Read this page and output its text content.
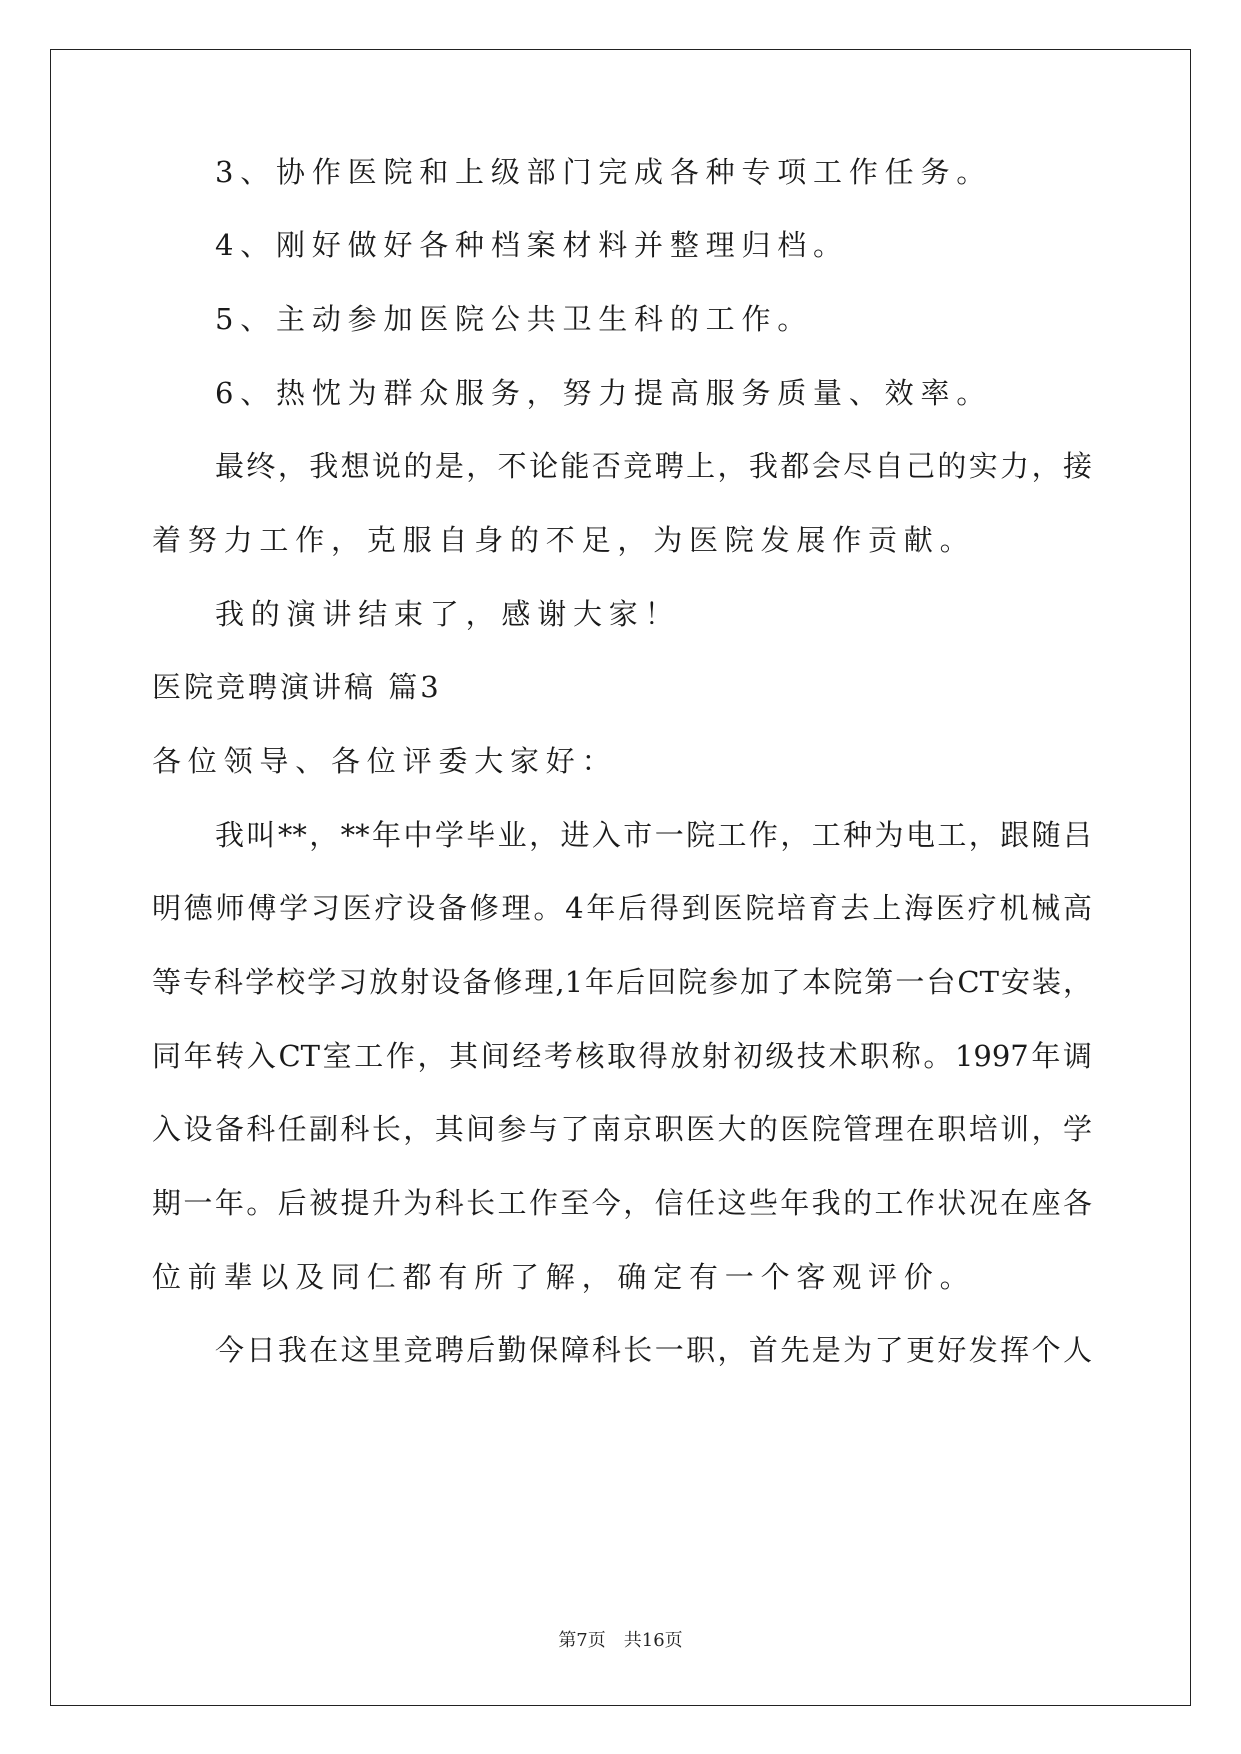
3、协作医院和上级部门完成各种专项工作任务。
4、刚好做好各种档案材料并整理归档。
5、主动参加医院公共卫生科的工作。
6、热忱为群众服务，努力提高服务质量、效率。
最终，我想说的是，不论能否竞聘上，我都会尽自己的实力，接
着努力工作，克服自身的不足，为医院发展作贡献。
我的演讲结束了，感谢大家！
医院竞聘演讲稿 篇3
各位领导、各位评委大家好：
我叫**，**年中学毕业，进入市一院工作，工种为电工，跟随吕
明德师傅学习医疗设备修理。4年后得到医院培育去上海医疗机械高
等专科学校学习放射设备修理,1年后回院参加了本院第一台CT安装，
同年转入CT室工作，其间经考核取得放射初级技术职称。1997年调
入设备科任副科长，其间参与了南京职医大的医院管理在职培训，学
期一年。后被提升为科长工作至今，信任这些年我的工作状况在座各
位前辈以及同仁都有所了解，确定有一个客观评价。
今日我在这里竞聘后勤保障科长一职，首先是为了更好发挥个人
第7页　共16页
